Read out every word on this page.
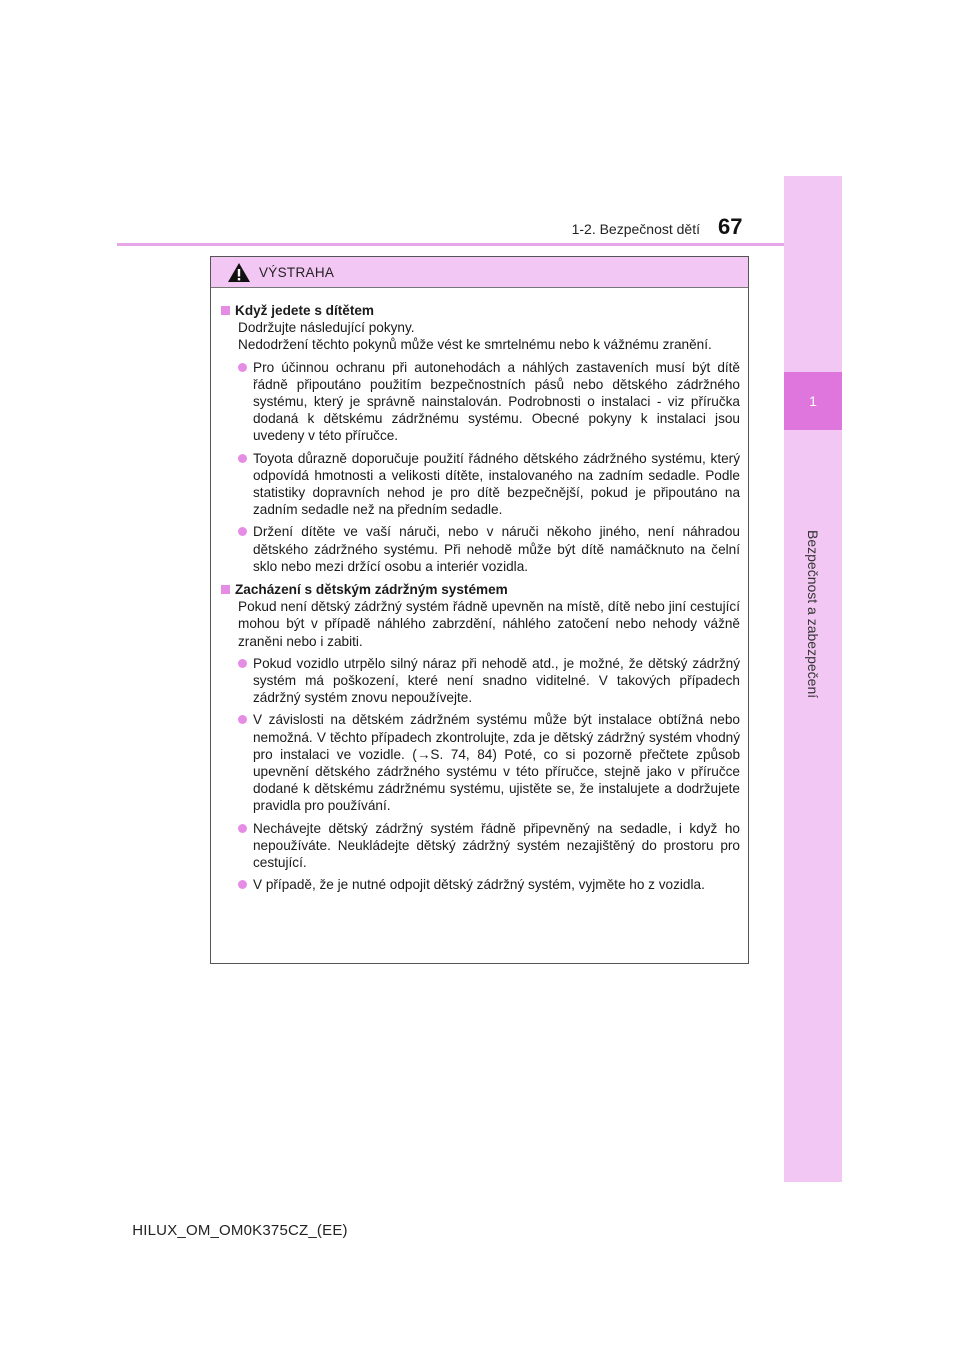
1
Bezpečnost a zabezpečení
1-2. Bezpečnost dětí 67
VÝSTRAHA
Když jedete s dítětem

Dodržujte následující pokyny.

Nedodržení těchto pokynů může vést ke smrtelnému nebo k vážnému zranění.

Pro účinnou ochranu při autonehodách a náhlých zastaveních musí být dítě řádně připoutáno použitím bezpečnostních pásů nebo dětského zádržného systému, který je správně nainstalován. Podrobnosti o instalaci - viz příručka dodaná k dětskému zádržnému systému. Obecné pokyny k instalaci jsou uvedeny v této příručce.
Toyota důrazně doporučuje použití řádného dětského zádržného systému, který odpovídá hmotnosti a velikosti dítěte, instalovaného na zadním sedadle. Podle statistiky dopravních nehod je pro dítě bezpečnější, pokud je připoutáno na zadním sedadle než na předním sedadle.
Držení dítěte ve vaší náruči, nebo v náruči někoho jiného, není náhradou dětského zádržného systému. Při nehodě může být dítě namáčknuto na čelní sklo nebo mezi držící osobu a interiér vozidla.
Zacházení s dětským zádržným systémem

Pokud není dětský zádržný systém řádně upevněn na místě, dítě nebo jiní cestující mohou být v případě náhlého zabrzdění, náhlého zatočení nebo nehody vážně zraněni nebo i zabiti.

Pokud vozidlo utrpělo silný náraz při nehodě atd., je možné, že dětský zádržný systém má poškození, které není snadno viditelné. V takových případech zádržný systém znovu nepoužívejte.
V závislosti na dětském zádržném systému může být instalace obtížná nebo nemožná. V těchto případech zkontrolujte, zda je dětský zádržný systém vhodný pro instalaci ve vozidle. (→S. 74, 84) Poté, co si pozorně přečtete způsob upevnění dětského zádržného systému v této příručce, stejně jako v příručce dodané k dětskému zádržnému systému, ujistěte se, že instalujete a dodržujete pravidla pro používání.
Nechávejte dětský zádržný systém řádně připevněný na sedadle, i když ho nepoužíváte. Neukládejte dětský zádržný systém nezajištěný do prostoru pro cestující.
V případě, že je nutné odpojit dětský zádržný systém, vyjměte ho z vozidla.
HILUX_OM_OM0K375CZ_(EE)
